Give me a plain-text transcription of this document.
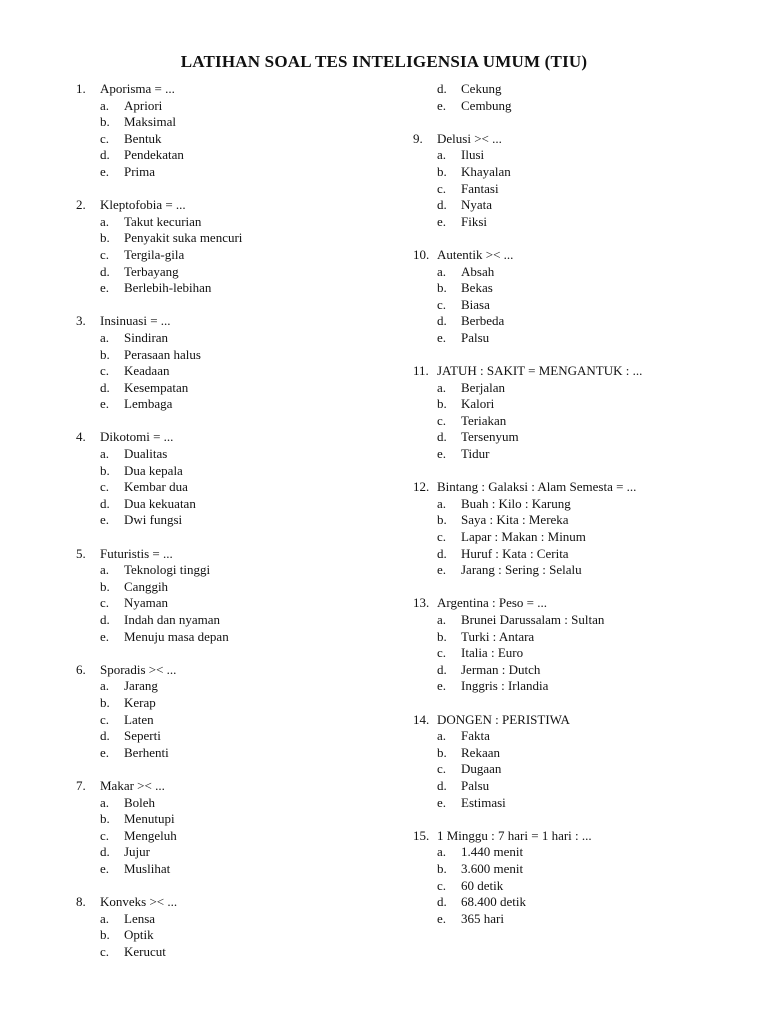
LATIHAN SOAL TES INTELIGENSIA UMUM (TIU)
1. Aporisma = ...
a. Apriori
b. Maksimal
c. Bentuk
d. Pendekatan
e. Prima
2. Kleptofobia = ...
a. Takut kecurian
b. Penyakit suka mencuri
c. Tergila-gila
d. Terbayang
e. Berlebih-lebihan
3. Insinuasi = ...
a. Sindiran
b. Perasaan halus
c. Keadaan
d. Kesempatan
e. Lembaga
4. Dikotomi = ...
a. Dualitas
b. Dua kepala
c. Kembar dua
d. Dua kekuatan
e. Dwi fungsi
5. Futuristis = ...
a. Teknologi tinggi
b. Canggih
c. Nyaman
d. Indah dan nyaman
e. Menuju masa depan
6. Sporadis >< ...
a. Jarang
b. Kerap
c. Laten
d. Seperti
e. Berhenti
7. Makar >< ...
a. Boleh
b. Menutupi
c. Mengeluh
d. Jujur
e. Muslihat
8. Konveks >< ...
a. Lensa
b. Optik
c. Kerucut
d. Cekung
e. Cembung
9. Delusi >< ...
a. Ilusi
b. Khayalan
c. Fantasi
d. Nyata
e. Fiksi
10. Autentik >< ...
a. Absah
b. Bekas
c. Biasa
d. Berbeda
e. Palsu
11. JATUH : SAKIT = MENGANTUK : ...
a. Berjalan
b. Kalori
c. Teriakan
d. Tersenyum
e. Tidur
12. Bintang : Galaksi : Alam Semesta = ...
a. Buah : Kilo : Karung
b. Saya : Kita : Mereka
c. Lapar : Makan : Minum
d. Huruf : Kata : Cerita
e. Jarang : Sering : Selalu
13. Argentina : Peso = ...
a. Brunei Darussalam : Sultan
b. Turki : Antara
c. Italia : Euro
d. Jerman : Dutch
e. Inggris : Irlandia
14. DONGEN : PERISTIWA
a. Fakta
b. Rekaan
c. Dugaan
d. Palsu
e. Estimasi
15. 1 Minggu : 7 hari = 1 hari : ...
a. 1.440 menit
b. 3.600 menit
c. 60 detik
d. 68.400 detik
e. 365 hari
